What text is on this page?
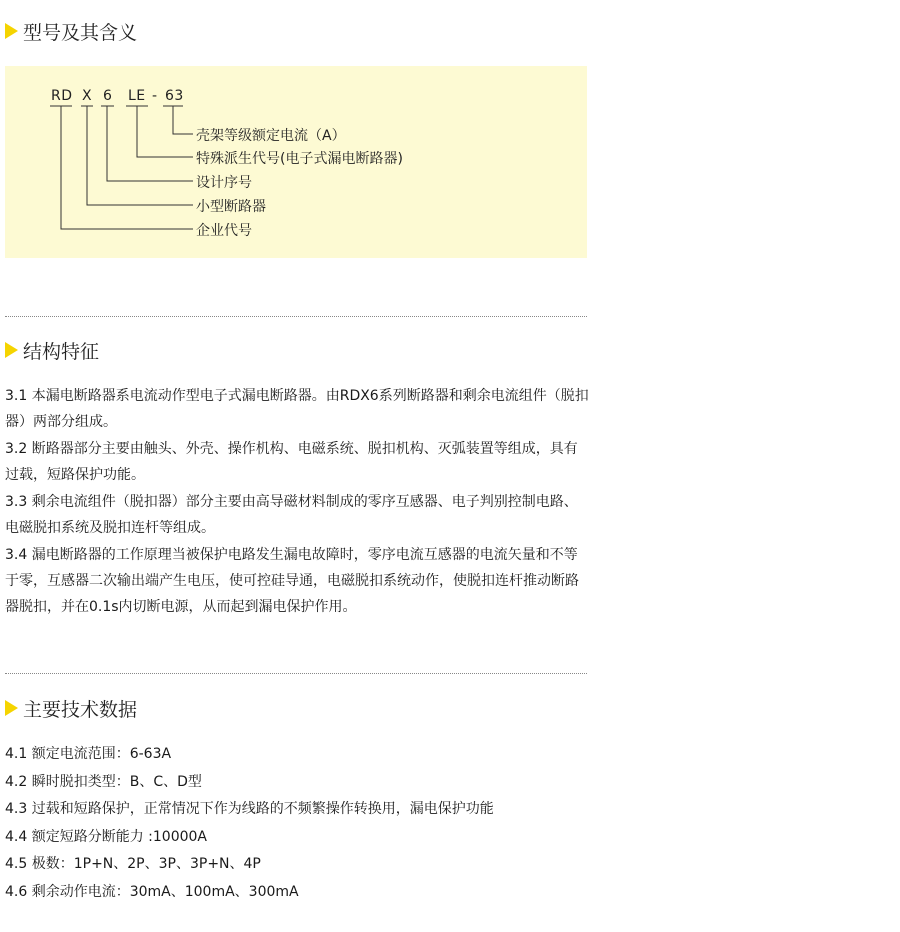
型号及其含义
RD X 6 LE - 63
壳架等级额定电流（A）
特殊派生代号(电子式漏电断路器)
设计序号
小型断路器
企业代号
结构特征
3.1 本漏电断路器系电流动作型电子式漏电断路器。由RDX6系列断路器和剩余电流组件（脱扣器）两部分组成。
3.2 断路器部分主要由触头、外壳、操作机构、电磁系统、脱扣机构、灭弧装置等组成，具有过载，短路保护功能。
3.3 剩余电流组件（脱扣器）部分主要由高导磁材料制成的零序互感器、电子判别控制电路、电磁脱扣系统及脱扣连杆等组成。
3.4 漏电断路器的工作原理当被保护电路发生漏电故障时，零序电流互感器的电流矢量和不等于零，互感器二次输出端产生电压，使可控硅导通，电磁脱扣系统动作，使脱扣连杆推动断路器脱扣，并在0.1s内切断电源，从而起到漏电保护作用。
主要技术数据
4.1 额定电流范围：6-63A
4.2 瞬时脱扣类型：B、C、D型
4.3 过载和短路保护，正常情况下作为线路的不频繁操作转换用，漏电保护功能
4.4 额定短路分断能力 :10000A
4.5 极数：1P+N、2P、3P、3P+N、4P
4.6 剩余动作电流：30mA、100mA、300mA
